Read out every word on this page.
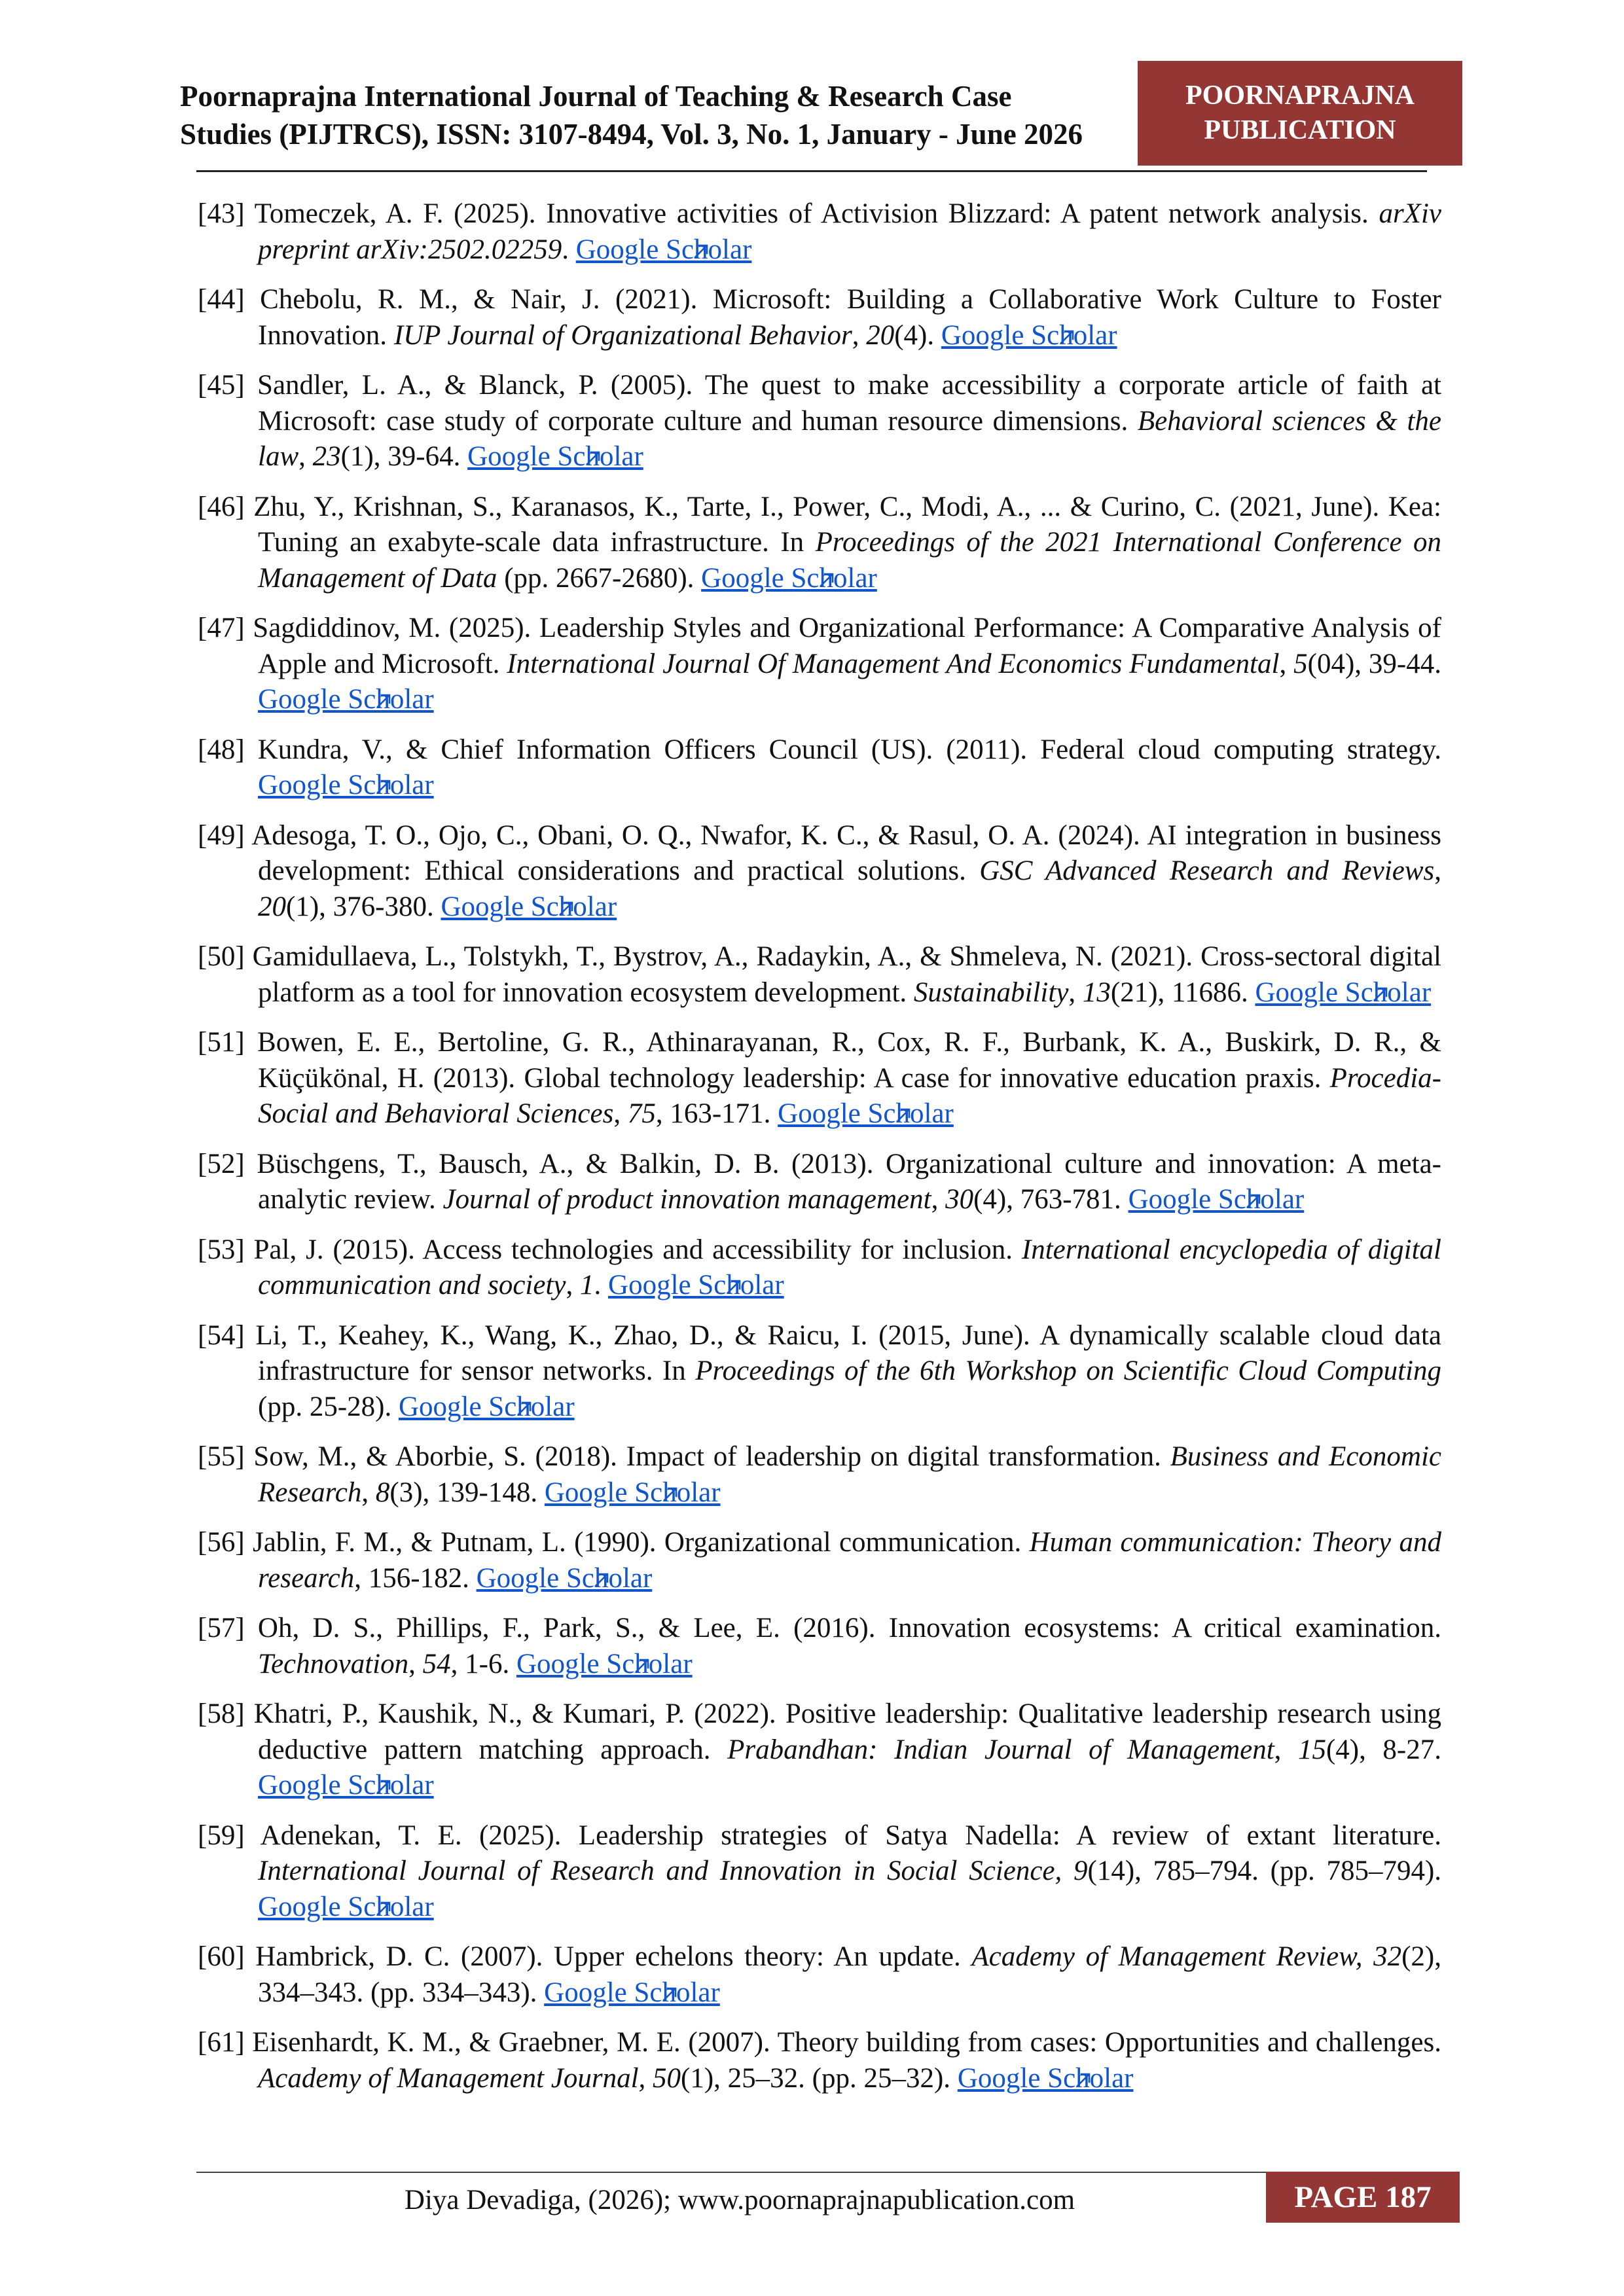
Poornaprajna International Journal of Teaching & Research Case
Studies (PIJTRCS), ISSN: 3107-8494, Vol. 3, No. 1, January - June 2026
POORNAPRAJNA
PUBLICATION

[43] Tomeczek, A. F. (2025). Innovative activities of Activision Blizzard: A patent network analysis. arXiv preprint arXiv:2502.02259. Google Scholar

[44] Chebolu, R. M., & Nair, J. (2021). Microsoft: Building a Collaborative Work Culture to Foster Innovation. IUP Journal of Organizational Behavior, 20(4). Google Scholar

[45] Sandler, L. A., & Blanck, P. (2005). The quest to make accessibility a corporate article of faith at Microsoft: case study of corporate culture and human resource dimensions. Behavioral sciences & the law, 23(1), 39-64. Google Scholar

[46] Zhu, Y., Krishnan, S., Karanasos, K., Tarte, I., Power, C., Modi, A., ... & Curino, C. (2021, June). Kea: Tuning an exabyte-scale data infrastructure. In Proceedings of the 2021 International Conference on Management of Data (pp. 2667-2680). Google Scholar

[47] Sagdiddinov, M. (2025). Leadership Styles and Organizational Performance: A Comparative Analysis of Apple and Microsoft. International Journal Of Management And Economics Fundamental, 5(04), 39-44. Google Scholar

[48] Kundra, V., & Chief Information Officers Council (US). (2011). Federal cloud computing strategy. Google Scholar

[49] Adesoga, T. O., Ojo, C., Obani, O. Q., Nwafor, K. C., & Rasul, O. A. (2024). AI integration in business development: Ethical considerations and practical solutions. GSC Advanced Research and Reviews, 20(1), 376-380. Google Scholar

[50] Gamidullaeva, L., Tolstykh, T., Bystrov, A., Radaykin, A., & Shmeleva, N. (2021). Cross-sectoral digital platform as a tool for innovation ecosystem development. Sustainability, 13(21), 11686. Google Scholar

[51] Bowen, E. E., Bertoline, G. R., Athinarayanan, R., Cox, R. F., Burbank, K. A., Buskirk, D. R., & Küçükönal, H. (2013). Global technology leadership: A case for innovative education praxis. Procedia-Social and Behavioral Sciences, 75, 163-171. Google Scholar

[52] Büschgens, T., Bausch, A., & Balkin, D. B. (2013). Organizational culture and innovation: A meta-analytic review. Journal of product innovation management, 30(4), 763-781. Google Scholar

[53] Pal, J. (2015). Access technologies and accessibility for inclusion. International encyclopedia of digital communication and society, 1. Google Scholar

[54] Li, T., Keahey, K., Wang, K., Zhao, D., & Raicu, I. (2015, June). A dynamically scalable cloud data infrastructure for sensor networks. In Proceedings of the 6th Workshop on Scientific Cloud Computing (pp. 25-28). Google Scholar

[55] Sow, M., & Aborbie, S. (2018). Impact of leadership on digital transformation. Business and Economic Research, 8(3), 139-148. Google Scholar

[56] Jablin, F. M., & Putnam, L. (1990). Organizational communication. Human communication: Theory and research, 156-182. Google Scholar

[57] Oh, D. S., Phillips, F., Park, S., & Lee, E. (2016). Innovation ecosystems: A critical examination. Technovation, 54, 1-6. Google Scholar

[58] Khatri, P., Kaushik, N., & Kumari, P. (2022). Positive leadership: Qualitative leadership research using deductive pattern matching approach. Prabandhan: Indian Journal of Management, 15(4), 8-27. Google Scholar

[59] Adenekan, T. E. (2025). Leadership strategies of Satya Nadella: A review of extant literature. International Journal of Research and Innovation in Social Science, 9(14), 785–794. (pp. 785–794). Google Scholar

[60] Hambrick, D. C. (2007). Upper echelons theory: An update. Academy of Management Review, 32(2), 334–343. (pp. 334–343). Google Scholar

[61] Eisenhardt, K. M., & Graebner, M. E. (2007). Theory building from cases: Opportunities and challenges. Academy of Management Journal, 50(1), 25–32. (pp. 25–32). Google Scholar

Diya Devadiga, (2026); www.poornaprajnapublication.com	PAGE 187
